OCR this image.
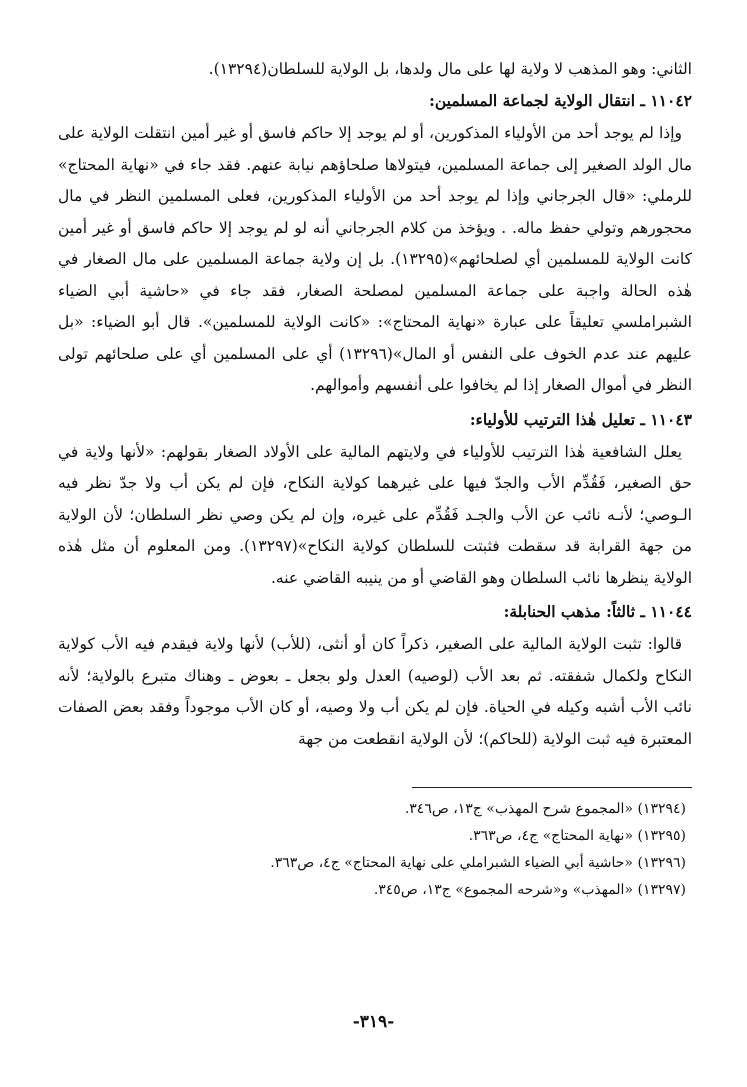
الثاني: وهو المذهب لا ولاية لها على مال ولدها، بل الولاية للسلطان(١٣٢٩٤).

١١٠٤٢ ـ انتقال الولاية لجماعة المسلمين:

وإذا لم يوجد أحد من الأولياء المذكورين، أو لم يوجد إلا حاكم فاسق أو غير أمين انتقلت الولاية على مال الولد الصغير إلى جماعة المسلمين، فيتولاها صلحاؤهم نيابة عنهم. فقد جاء في «نهاية المحتاج» للرملي: «قال الجرجاني وإذا لم يوجد أحد من الأولياء المذكورين، فعلى المسلمين النظر في مال محجورهم وتولي حفظ ماله. . ويؤخذ من كلام الجرجاني أنه لو لم يوجد إلا حاكم فاسق أو غير أمين كانت الولاية للمسلمين أي لصلحائهم»(١٣٢٩٥). بل إن ولاية جماعة المسلمين على مال الصغار في هٰذه الحالة واجبة على جماعة المسلمين لمصلحة الصغار، فقد جاء في «حاشية أبي الضياء الشبراملسي تعليقاً على عبارة «نهاية المحتاج»: «كانت الولاية للمسلمين». قال أبو الضياء: «بل عليهم عند عدم الخوف على النفس أو المال»(١٣٢٩٦) أي على المسلمين أي على صلحائهم تولى النظر في أموال الصغار إذا لم يخافوا على أنفسهم وأموالهم.

١١٠٤٣ ـ تعليل هٰذا الترتيب للأولياء:

يعلل الشافعية هٰذا الترتيب للأولياء في ولايتهم المالية على الأولاد الصغار بقولهم: «لأنها ولاية في حق الصغير، فَقُدِّم الأب والجدّ فيها على غيرهما كولاية النكاح، فإن لم يكن أب ولا جدّ نظر فيه الـوصي؛ لأنـه نائب عن الأب والجـد فَقُدِّم على غيره، وإن لم يكن وصي نظر السلطان؛ لأن الولاية من جهة القرابة قد سقطت فثبتت للسلطان كولاية النكاح»(١٣٢٩٧). ومن المعلوم أن مثل هٰذه الولاية ينظرها نائب السلطان وهو القاضي أو من ينيبه القاضي عنه.

١١٠٤٤ ـ ثالثاً: مذهب الحنابلة:

قالوا: تثبت الولاية المالية على الصغير، ذكراً كان أو أنثى، (للأب) لأنها ولاية فيقدم فيه الأب كولاية النكاح ولكمال شفقته. ثم بعد الأب (لوصيه) العدل ولو بجعل ـ بعوض ـ وهناك متبرع بالولاية؛ لأنه نائب الأب أشبه وكيله في الحياة. فإن لم يكن أب ولا وصيه، أو كان الأب موجوداً وفقد بعض الصفات المعتبرة فيه ثبت الولاية (للحاكم)؛ لأن الولاية انقطعت من جهة

(١٣٢٩٤) «المجموع شرح المهذب» ج١٣، ص٣٤٦.

(١٣٢٩٥) «نهاية المحتاج» ج٤، ص٣٦٣.

(١٣٢٩٦) «حاشية أبي الضياء الشبراملي على نهاية المحتاج» ج٤، ص٣٦٣.

(١٣٢٩٧) «المهذب» و«شرحه المجموع» ج١٣، ص٣٤٥.

-٣١٩-
